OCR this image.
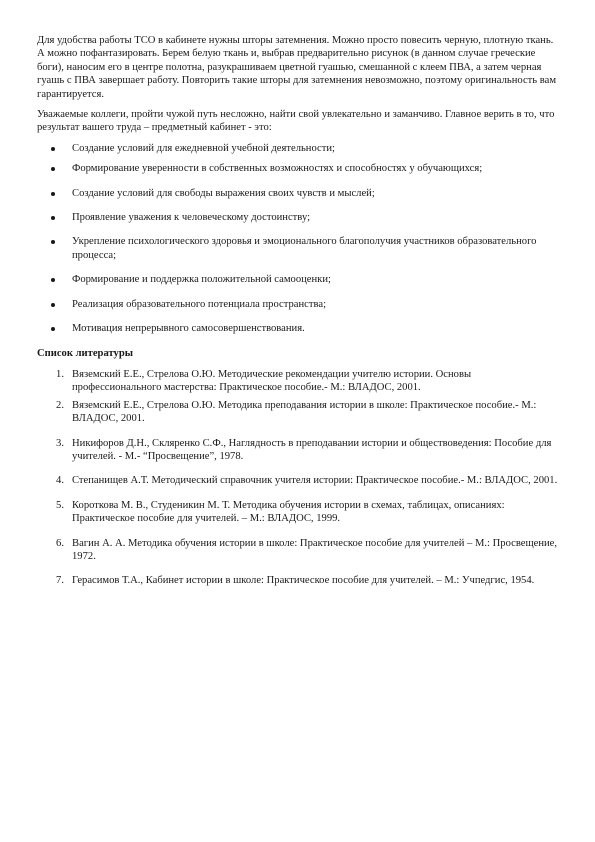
Для удобства работы ТСО в кабинете нужны шторы затемнения. Можно просто повесить черную, плотную ткань. А можно пофантазировать. Берем белую ткань и, выбрав предварительно рисунок (в данном случае греческие боги), наносим его в центре полотна, разукрашиваем цветной гуашью, смешанной с клеем ПВА, а затем черная гуашь с ПВА завершает работу. Повторить такие шторы для затемнения невозможно, поэтому оригинальность вам гарантируется.

Уважаемые коллеги, пройти чужой путь несложно, найти свой увлекательно и заманчиво. Главное верить в то, что результат вашего труда – предметный кабинет - это:

Создание условий для ежедневной учебной деятельности;
Формирование уверенности в собственных возможностях и способностях у обучающихся;
Создание условий для свободы выражения своих чувств и мыслей;
Проявление уважения к человеческому достоинству;
Укрепление психологического здоровья и эмоционального благополучия участников образовательного процесса;
Формирование и поддержка положительной самооценки;
Реализация образовательного потенциала пространства;
Мотивация непрерывного самосовершенствования.

Список литературы

1. Вяземский Е.Е., Стрелова О.Ю. Методические рекомендации учителю истории. Основы профессионального мастерства: Практическое пособие.- М.: ВЛАДОС, 2001.
2. Вяземский Е.Е., Стрелова О.Ю. Методика преподавания истории в школе: Практическое пособие.- М.: ВЛАДОС, 2001.
3. Никифоров Д.Н., Скляренко С.Ф., Наглядность в преподавании истории и обществоведения: Пособие для учителей. - М.- “Просвещение”, 1978.
4. Степанищев А.Т. Методический справочник учителя истории: Практическое пособие.- М.: ВЛАДОС, 2001.
5. Короткова М. В., Студеникин М. Т. Методика обучения истории в схемах, таблицах, описаниях: Практическое пособие для учителей. – М.: ВЛАДОС, 1999.
6. Вагин А. А. Методика обучения истории в школе: Практическое пособие для учителей – М.: Просвещение, 1972.
7. Герасимов Т.А., Кабинет истории в школе: Практическое пособие для учителей. – М.: Учпедгис, 1954.
